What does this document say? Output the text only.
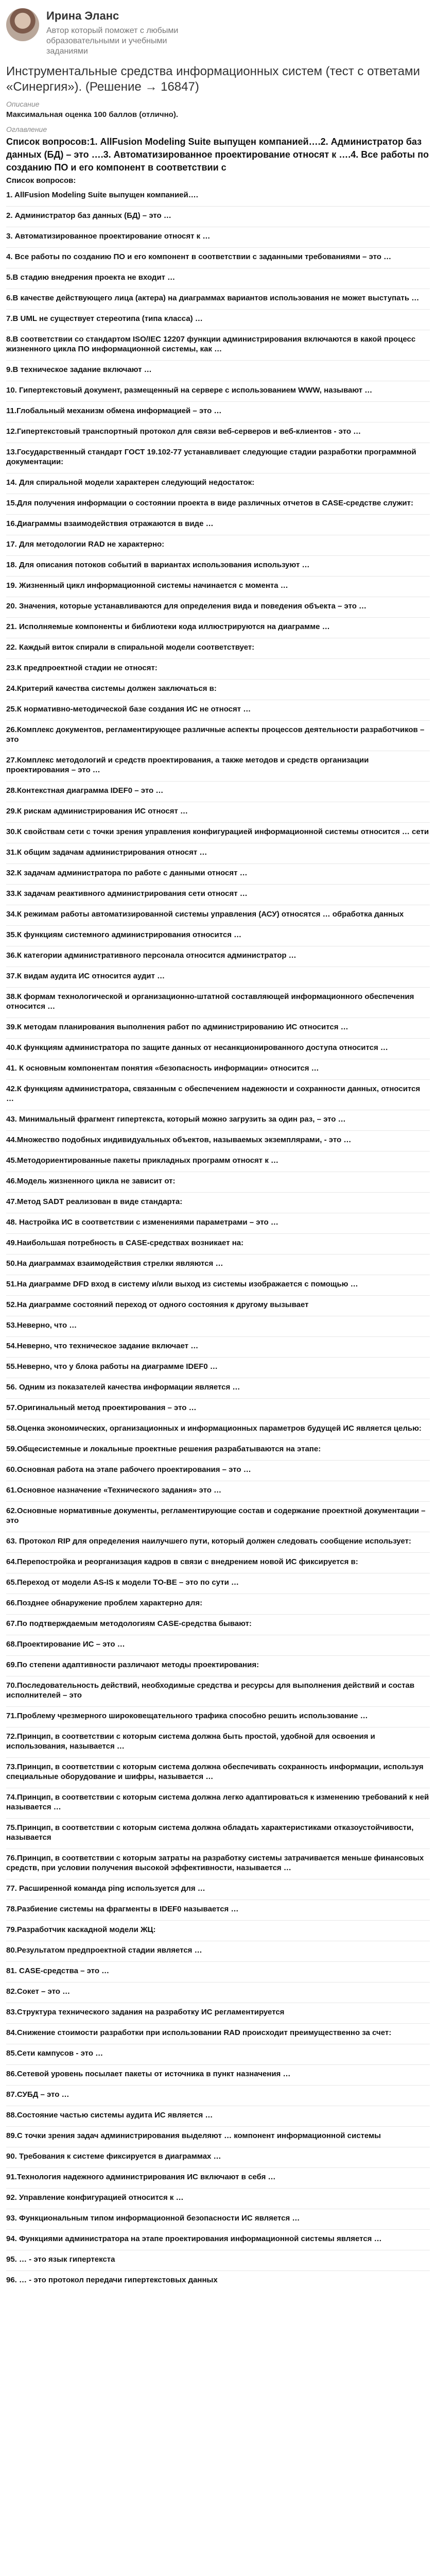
Ирина Эланс
Автор который поможет с любыми образовательными и учебными заданиями
Инструментальные средства информационных систем (тест с ответами «Синергия»). (Решение → 16847)
Описание
Максимальная оценка 100 баллов (отлично).
Оглавление
Список вопросов:1. AllFusion Modeling Suite выпущен компанией….2. Администратор баз данных (БД) – это ….3. Автоматизированное проектирование относят к ….4. Все работы по созданию ПО и его компонент в соответствии с
Список вопросов:
1. AllFusion Modeling Suite выпущен компанией….
2. Администратор баз данных (БД) – это …
3. Автоматизированное проектирование относят к …
4. Все работы по созданию ПО и его компонент в соответствии с заданными требованиями – это …
5.В стадию внедрения проекта не входит …
6.В качестве действующего лица (актера) на диаграммах вариантов использования не может выступать …
7.В UML не существует стереотипа (типа класса) …
8.В соответствии со стандартом ISO/IEC 12207 функции администрирования включаются в какой процесс жизненного цикла ПО информационной системы, как …
9.В техническое задание включают …
10. Гипертекстовый документ, размещенный на сервере с использованием WWW, называют …
11.Глобальный механизм обмена информацией – это …
12.Гипертекстовый транспортный протокол для связи веб-серверов и веб-клиентов - это …
13.Государственный стандарт ГОСТ 19.102-77 устанавливает следующие стадии разработки программной документации:
14. Для спиральной модели характерен следующий недостаток:
15.Для получения информации о состоянии проекта в виде различных отчетов в CASE-средстве служит:
16.Диаграммы взаимодействия отражаются в виде …
17. Для методологии RAD не характерно:
18. Для описания потоков событий в вариантах использования используют …
19. Жизненный цикл информационной системы начинается с момента …
20. Значения, которые устанавливаются для определения вида и поведения объекта – это …
21. Исполняемые компоненты и библиотеки кода иллюстрируются на диаграмме …
22. Каждый виток спирали в спиральной модели соответствует:
23.К предпроектной стадии не относят:
24.Критерий качества системы должен заключаться в:
25.К нормативно-методической базе создания ИС не относят …
26.Комплекс документов, регламентирующее различные аспекты процессов деятельности разработчиков – это
27.Комплекс методологий и средств проектирования, а также методов и средств организации проектирования – это …
28.Контекстная диаграмма IDEF0 – это …
29.К рискам администрирования ИС относят …
30.К свойствам сети с точки зрения управления конфигурацией информационной системы относится … сети
31.К общим задачам администрирования относят …
32.К задачам администратора по работе с данными относят …
33.К задачам реактивного администрирования сети относят …
34.К режимам работы автоматизированной системы управления (АСУ) относятся … обработка данных
35.К функциям системного администрирования относится …
36.К категории административного персонала относится администратор …
37.К видам аудита ИС относится аудит …
38.К формам технологической и организационно-штатной составляющей информационного обеспечения относится …
39.К методам планирования выполнения работ по администрированию ИС относится …
40.К функциям администратора по защите данных от несанкционированного доступа относится …
41. К основным компонентам понятия «безопасность информации» относится …
42.К функциям администратора, связанным с обеспечением надежности и сохранности данных, относится …
43. Минимальный фрагмент гипертекста, который можно загрузить за один раз, – это …
44.Множество подобных индивидуальных объектов, называемых экземплярами, - это …
45.Методориентированные пакеты прикладных программ относят к …
46.Модель жизненного цикла не зависит от:
47.Метод SADT реализован в виде стандарта:
48. Настройка ИС в соответствии с изменениями параметрами – это …
49.Наибольшая потребность в CASE-средствах возникает на:
50.На диаграммах взаимодействия стрелки являются …
51.На диаграмме DFD вход в систему и/или выход из системы изображается с помощью …
52.На диаграмме состояний переход от одного состояния к другому вызывает
53.Неверно, что …
54.Неверно, что техническое задание включает …
55.Неверно, что у блока работы на диаграмме IDEF0 …
56. Одним из показателей качества информации является …
57.Оригинальный метод проектирования – это …
58.Оценка экономических, организационных и информационных параметров будущей ИС является целью:
59.Общесистемные и локальные проектные решения разрабатываются на этапе:
60.Основная работа на этапе рабочего проектирования – это …
61.Основное назначение «Технического задания» это …
62.Основные нормативные документы, регламентирующие состав и содержание проектной документации – это
63. Протокол RIP для определения наилучшего пути, который должен следовать сообщение использует:
64.Перепостройка и реорганизация кадров в связи с внедрением новой ИС фиксируется в:
65.Переход от модели AS-IS к модели TO-BE – это по сути …
66.Позднее обнаружение проблем характерно для:
67.По подтверждаемым методологиям CASE-средства бывают:
68.Проектирование ИС – это …
69.По степени адаптивности различают методы проектирования:
70.Последовательность действий, необходимые средства и ресурсы для выполнения действий и состав исполнителей – это
71.Проблему чрезмерного широковещательного трафика способно решить использование …
72.Принцип, в соответствии с которым система должна быть простой, удобной для освоения и использования, называется …
73.Принцип, в соответствии с которым система должна обеспечивать сохранность информации, используя специальные оборудование и шифры, называется …
74.Принцип, в соответствии с которым система должна легко адаптироваться к изменению требований к ней называется …
75.Принцип, в соответствии с которым система должна обладать характеристиками отказоустойчивости, называется
76.Принцип, в соответствии с которым затраты на разработку системы затрачивается меньше финансовых средств, при условии получения высокой эффективности, называется …
77. Расширенной команда ping используется для …
78.Разбиение системы на фрагменты в IDEF0 называется …
79.Разработчик каскадной модели ЖЦ:
80.Результатом предпроектной стадии является …
81. CASE-средства – это …
82.Сокет – это …
83.Структура технического задания на разработку ИС регламентируется
84.Снижение стоимости разработки при использовании RAD происходит преимущественно за счет:
85.Сети кампусов - это …
86.Сетевой уровень посылает пакеты от источника в пункт назначения …
87.СУБД – это …
88.Состояние частью системы аудита ИС является …
89.С точки зрения задач администрирования выделяют … компонент информационной системы
90. Требования к системе фиксируется в диаграммах …
91.Технология надежного администрирования ИС включают в себя …
92. Управление конфигурацией относится к …
93. Функциональным типом информационной безопасности ИС является …
94. Функциями администратора на этапе проектирования информационной системы является …
95. … - это язык гипертекста
96. … - это протокол передачи гипертекстовых данных
